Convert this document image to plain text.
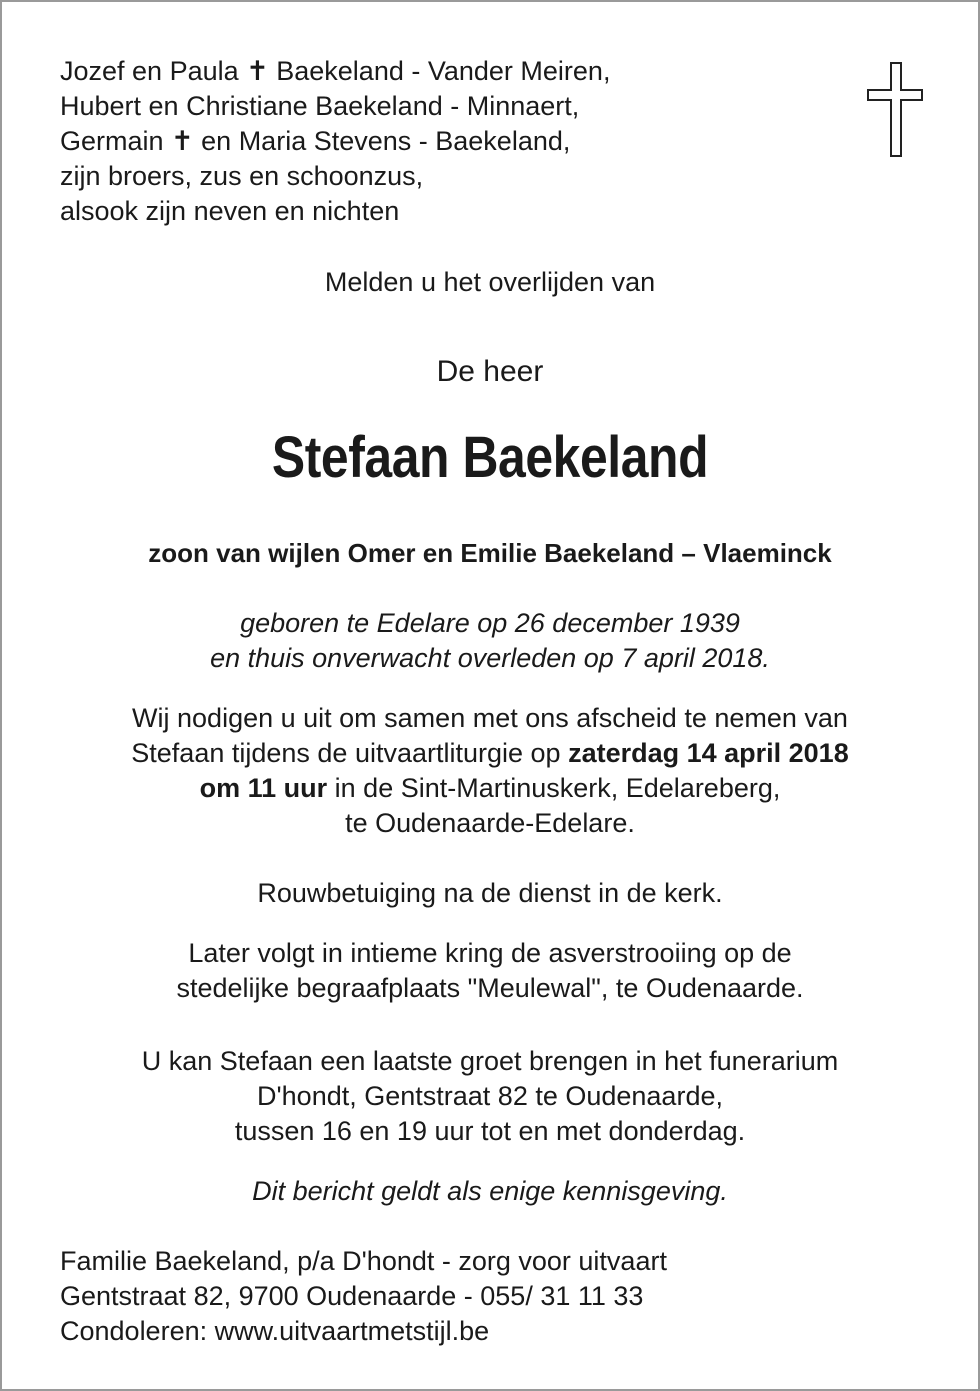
Jozef en Paula ✝ Baekeland - Vander Meiren,
Hubert en Christiane Baekeland - Minnaert,
Germain ✝ en Maria Stevens - Baekeland,
zijn broers, zus en schoonzus,
alsook zijn neven en nichten
Melden u het overlijden van
De heer
Stefaan Baekeland
zoon van wijlen Omer en Emilie Baekeland – Vlaeminck
geboren te Edelare op 26 december 1939
en thuis onverwacht overleden op 7 april 2018.
Wij nodigen u uit om samen met ons afscheid te nemen van
Stefaan tijdens de uitvaartliturgie op zaterdag 14 april 2018
om 11 uur in de Sint-Martinuskerk, Edelareberg,
te Oudenaarde-Edelare.
Rouwbetuiging na de dienst in de kerk.
Later volgt in intieme kring de asverstrooiing op de
stedelijke begraafplaats "Meulewal", te Oudenaarde.
U kan Stefaan een laatste groet brengen in het funerarium
D'hondt, Gentstraat 82 te Oudenaarde,
tussen 16 en 19 uur tot en met donderdag.
Dit bericht geldt als enige kennisgeving.
Familie Baekeland, p/a D'hondt - zorg voor uitvaart
Gentstraat 82, 9700 Oudenaarde - 055/ 31 11 33
Condoleren: www.uitvaartmetstijl.be
